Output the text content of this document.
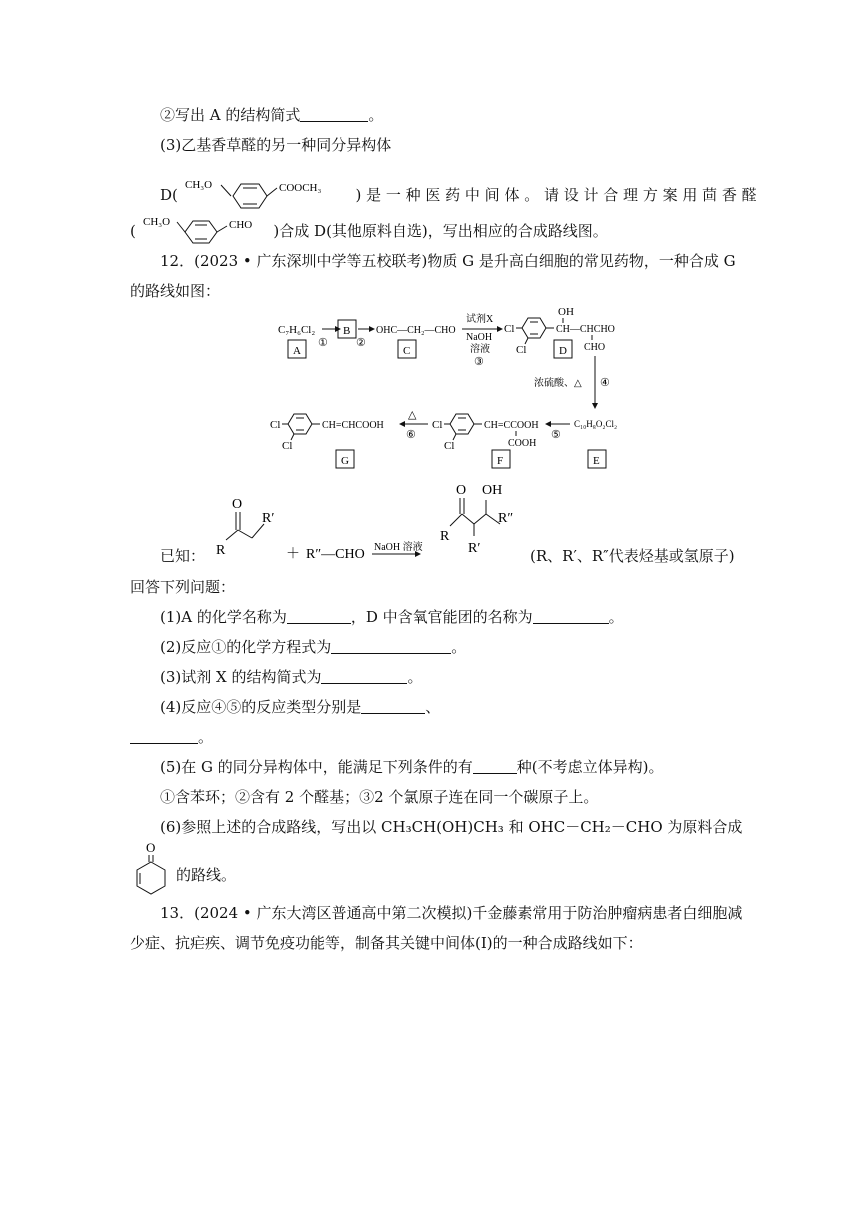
②写出 A 的结构简式	。
(3)乙基香草醛的另一种同分异构体
D(
CH₃O	COOCH₃ ) 是 一 种 医 药 中 间 体 。 请 设 计 合 理 方 案 用 茴 香 醛
( CH₃O	CHO )合成 D(其他原料自选)，写出相应的合成路线图。
12．(2023 • 广东深圳中学等五校联考)物质 G 是升高白细胞的常见药物，一种合成 G
的路线如图：
C₇H₆Cl₂
①
A
B
②
OHC—CH₂—CHO
C
试剂X
NaOH
溶液
③
Cl
Cl
OH
CH—CHCHO
CHO
D
浓硫酸、△ ④
C₁₀H₈O₂Cl₂
E
⑤
Cl
Cl
CH=CCOOH
COOH
F
△
⑥
Cl
Cl
CH=CHCOOH
G
已知：
O
R
R′
＋ R″—CHO NaOH 溶液
O
R
OH
R″
R′	(R、R′、R″代表烃基或氢原子)
回答下列问题：
(1)A 的化学名称为	，D 中含氧官能团的名称为	。
(2)反应①的化学方程式为	。
(3)试剂 X 的结构简式为	。
(4)反应④⑤的反应类型分别是	、
。
(5)在 G 的同分异构体中，能满足下列条件的有	种(不考虑立体异构)。
①含苯环；②含有 2 个醛基；③2 个氯原子连在同一个碳原子上。
(6)参照上述的合成路线，写出以 CH₃CH(OH)CH₃ 和 OHC－CH₂－CHO 为原料合成
O
的路线。
13．(2024 • 广东大湾区普通高中第二次模拟)千金藤素常用于防治肿瘤病患者白细胞减
少症、抗疟疾、调节免疫功能等，制备其关键中间体(Ⅰ)的一种合成路线如下：
